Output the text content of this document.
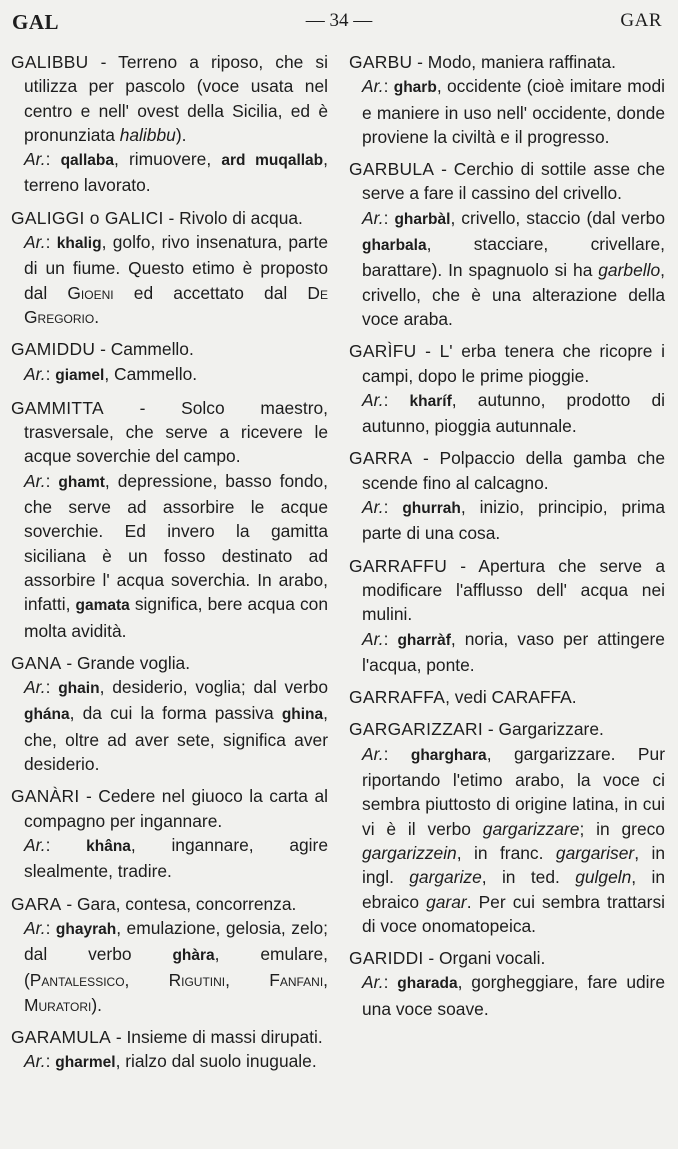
GAL	— 34 —	GAR
GALIBBU - Terreno a riposo, che si utilizza per pascolo (voce usata nel centro e nell' ovest della Sicilia, ed è pronunziata halibbu).
Ar.: qallaba, rimuovere, ard muqallab, terreno lavorato.
GALIGGI o GALICI - Rivolo di acqua.
Ar.: khalig, golfo, rivo insenatura, parte di un fiume. Questo etimo è proposto dal Gioeni ed accettato dal De Gregorio.
GAMIDDU - Cammello.
Ar.: giamel, Cammello.
GAMMITTA - Solco maestro, trasversale, che serve a ricevere le acque soverchie del campo.
Ar.: ghamt, depressione, basso fondo, che serve ad assorbire le acque soverchie. Ed invero la gamitta siciliana è un fosso destinato ad assorbire l' acqua soverchia. In arabo, infatti, gamata significa, bere acqua con molta avidità.
GANA - Grande voglia.
Ar.: ghain, desiderio, voglia; dal verbo ghána, da cui la forma passiva ghina, che, oltre ad aver sete, significa aver desiderio.
GANÀRI - Cedere nel giuoco la carta al compagno per ingannare.
Ar.: khâna, ingannare, agire slealmente, tradire.
GARA - Gara, contesa, concorrenza.
Ar.: ghayrah, emulazione, gelosia, zelo; dal verbo ghàra, emulare, (Pantalessico, Rigutini, Fanfani, Muratori).
GARAMULA - Insieme di massi dirupati.
Ar.: gharmel, rialzo dal suolo inuguale.
GARBU - Modo, maniera raffinata.
Ar.: gharb, occidente (cioè imitare modi e maniere in uso nell' occidente, donde proviene la civiltà e il progresso.
GARBULA - Cerchio di sottile asse che serve a fare il cassino del crivello.
Ar.: gharbàl, crivello, staccio (dal verbo gharbala, stacciare, crivellare, barattare). In spagnuolo si ha garbello, crivello, che è una alterazione della voce araba.
GARÌFU - L' erba tenera che ricopre i campi, dopo le prime pioggie.
Ar.: kharíf, autunno, prodotto di autunno, pioggia autunnale.
GARRA - Polpaccio della gamba che scende fino al calcagno.
Ar.: ghurrah, inizio, principio, prima parte di una cosa.
GARRAFFU - Apertura che serve a modificare l'afflusso dell' acqua nei mulini.
Ar.: gharràf, noria, vaso per attingere l'acqua, ponte.
GARRAFFA, vedi CARAFFA.
GARGARIZZARI - Gargarizzare.
Ar.: gharghara, gargarizzare. Pur riportando l'etimo arabo, la voce ci sembra piuttosto di origine latina, in cui vi è il verbo gargarizzare; in greco gargarizzein, in franc. gargariser, in ingl. gargarize, in ted. gulgeln, in ebraico garar. Per cui sembra trattarsi di voce onomatopeica.
GARIDDI - Organi vocali.
Ar.: gharada, gorgheggiare, fare udire una voce soave.
